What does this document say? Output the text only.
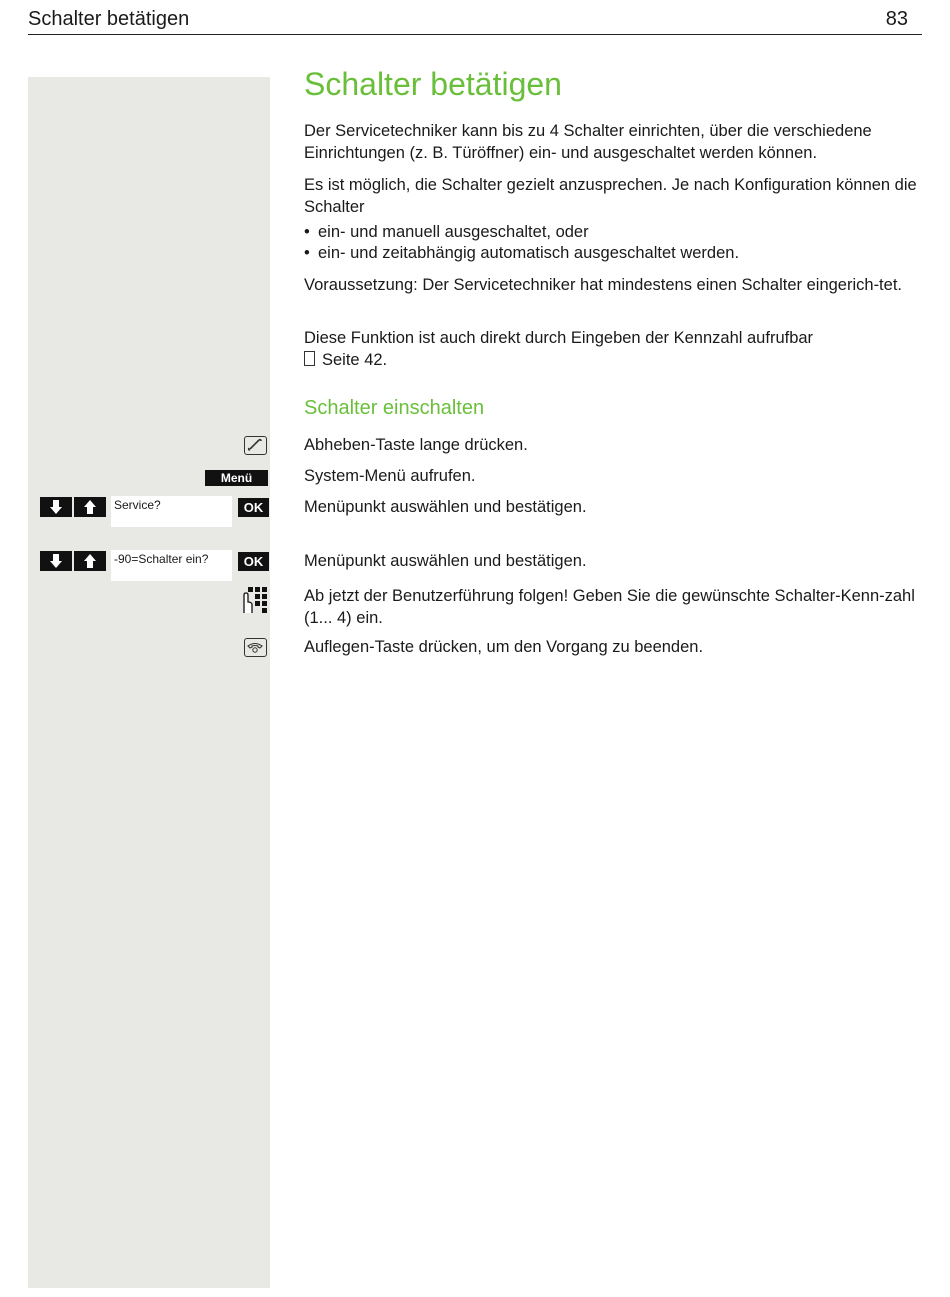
Schalter betätigen	83
Schalter betätigen

Der Servicetechniker kann bis zu 4 Schalter einrichten, über die verschiedene Einrichtungen (z. B. Türöffner) ein- und ausgeschaltet werden können.

Es ist möglich, die Schalter gezielt anzusprechen. Je nach Konfiguration können die Schalter

• ein- und manuell ausgeschaltet, oder
• ein- und zeitabhängig automatisch ausgeschaltet werden.

Voraussetzung: Der Servicetechniker hat mindestens einen Schalter eingerich-tet.

Diese Funktion ist auch direkt durch Eingeben der Kennzahl aufrufbar

Seite 42.
Schalter einschalten
Abheben-Taste lange drücken.
Menü	System-Menü aufrufen.
Service?	OK	Menüpunkt auswählen und bestätigen.
-90=Schalter ein?	OK	Menüpunkt auswählen und bestätigen.
Ab jetzt der Benutzerführung folgen! Geben Sie die gewünschte Schalter-Kenn-zahl (1... 4) ein.
Auflegen-Taste drücken, um den Vorgang zu beenden.
